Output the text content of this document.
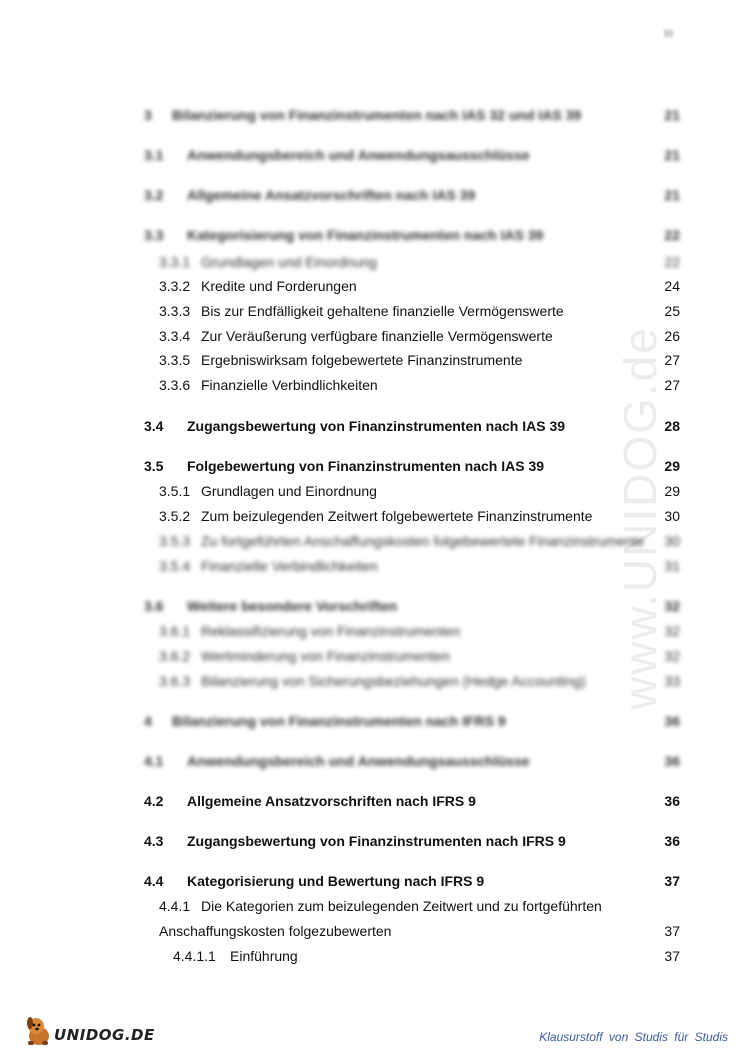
III
www.UNIDOG.de
3 Bilanzierung von Finanzinstrumenten nach IAS 32 und IAS 39	21
3.1 Anwendungsbereich und Anwendungsausschlüsse	21
3.2 Allgemeine Ansatzvorschriften nach IAS 39	21
3.3 Kategorisierung von Finanzinstrumenten nach IAS 39	22
3.3.1 Grundlagen und Einordnung	22
3.3.2 Kredite und Forderungen	24
3.3.3 Bis zur Endfälligkeit gehaltene finanzielle Vermögenswerte	25
3.3.4 Zur Veräußerung verfügbare finanzielle Vermögenswerte	26
3.3.5 Ergebniswirksam folgebewertete Finanzinstrumente	27
3.3.6 Finanzielle Verbindlichkeiten	27
3.4 Zugangsbewertung von Finanzinstrumenten nach IAS 39	28
3.5 Folgebewertung von Finanzinstrumenten nach IAS 39	29
3.5.1 Grundlagen und Einordnung	29
3.5.2 Zum beizulegenden Zeitwert folgebewertete Finanzinstrumente	30
3.5.3 Zu fortgeführten Anschaffungskosten folgebewertete Finanzinstrumente 30
3.5.4 Finanzielle Verbindlichkeiten	31
3.6 Weitere besondere Vorschriften	32
3.6.1 Reklassifizierung von Finanzinstrumenten	32
3.6.2 Wertminderung von Finanzinstrumenten	32
3.6.3 Bilanzierung von Sicherungsbeziehungen (Hedge Accounting)	33
4 Bilanzierung von Finanzinstrumenten nach IFRS 9	36
4.1 Anwendungsbereich und Anwendungsausschlüsse	36
4.2 Allgemeine Ansatzvorschriften nach IFRS 9	36
4.3 Zugangsbewertung von Finanzinstrumenten nach IFRS 9	36
4.4 Kategorisierung und Bewertung nach IFRS 9	37
4.4.1 Die Kategorien zum beizulegenden Zeitwert und zu fortgeführten
Anschaffungskosten folgezubewerten	37
4.4.1.1 Einführung	37
UNIDOG.DE	Klausurstoff von Studis für Studis
